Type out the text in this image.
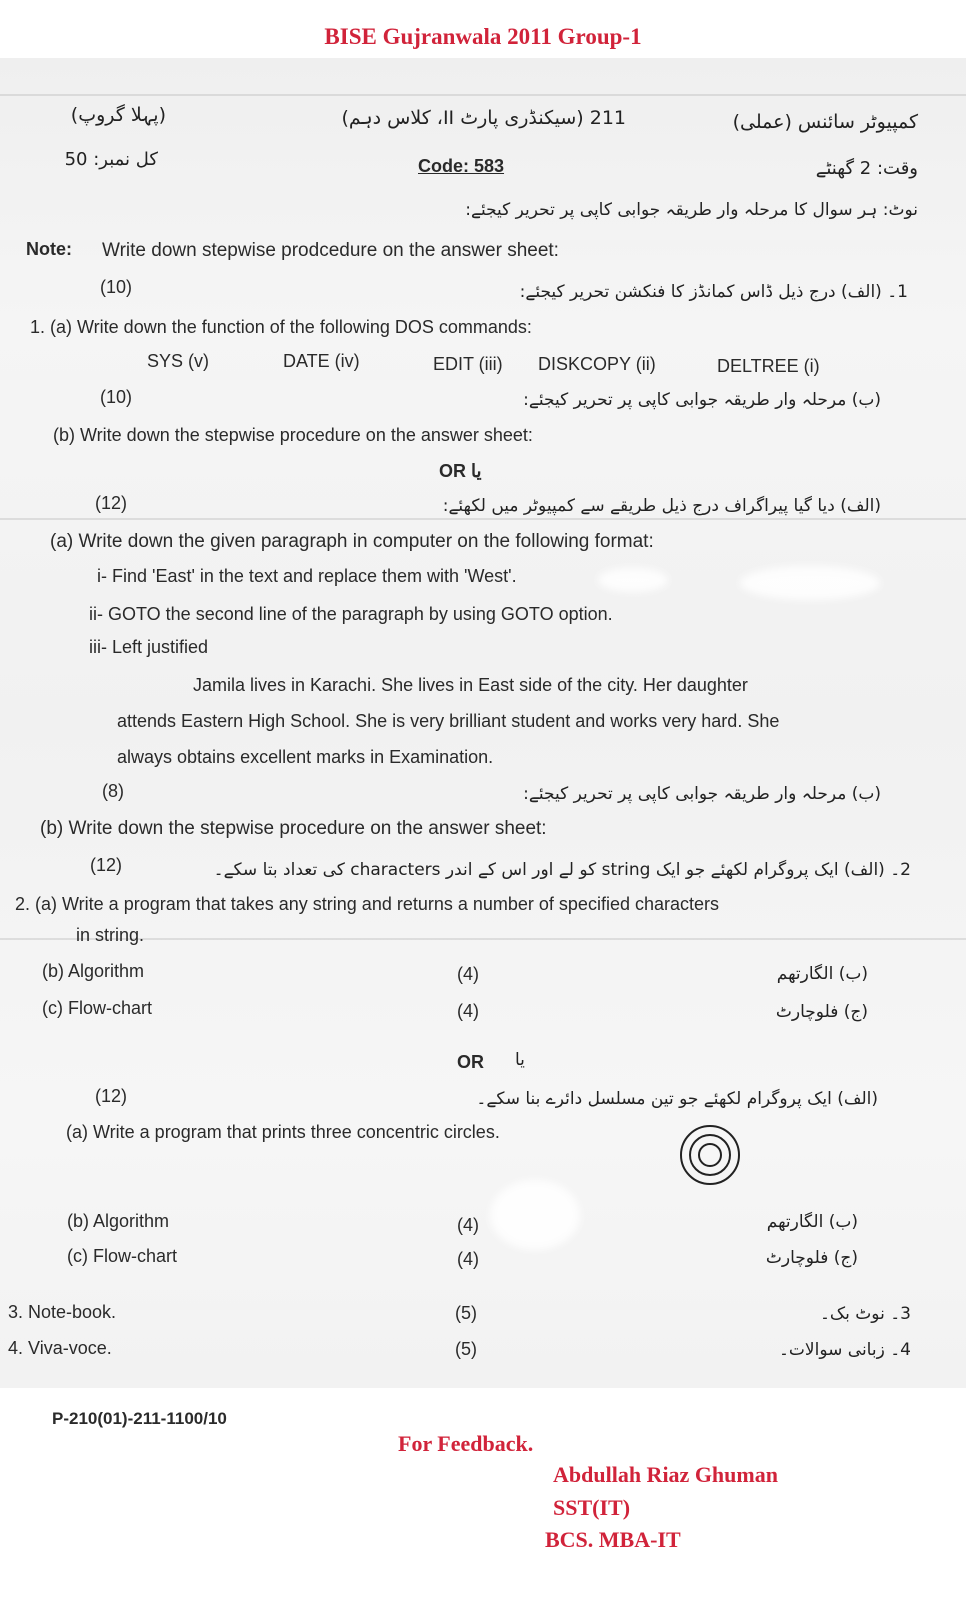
BISE Gujranwala 2011 Group-1
(پہلا گروپ)	211 (سیکنڈری پارٹ II، کلاس دہم)	کمپیوٹر سائنس (عملی)
کل نمبر: 50	Code: 583	وقت: 2 گھنٹے
نوٹ: ہر سوال کا مرحلہ وار طریقہ جوابی کاپی پر تحریر کیجئے:
Note: Write down stepwise prodcedure on the answer sheet:
(10)	1۔ (الف) درج ذیل ڈاس کمانڈز کا فنکشن تحریر کیجئے:
1. (a) Write down the function of the following DOS commands:
SYS (v)	DATE (iv)	EDIT (iii) DISKCOPY (ii)	DELTREE (i)
(10)	(ب) مرحلہ وار طریقہ جوابی کاپی پر تحریر کیجئے:
(b) Write down the stepwise procedure on the answer sheet:
OR یا
(12)	(الف) دیا گیا پیراگراف درج ذیل طریقے سے کمپیوٹر میں لکھئے:
(a) Write down the given paragraph in computer on the following format:
i- Find 'East' in the text and replace them with 'West'.
ii- GOTO the second line of the paragraph by using GOTO option.
iii- Left justified
Jamila lives in Karachi. She lives in East side of the city. Her daughter
attends Eastern High School. She is very brilliant student and works very hard. She
always obtains excellent marks in Examination.
(8)	(ب) مرحلہ وار طریقہ جوابی کاپی پر تحریر کیجئے:
(b) Write down the stepwise procedure on the answer sheet:
(12)	2۔ (الف) ایک پروگرام لکھئے جو ایک string کو لے اور اس کے اندر characters کی تعداد بتا سکے۔
2. (a) Write a program that takes any string and returns a number of specified characters
in string.
(b) Algorithm	(4)	(ب) الگارتھم
(c) Flow-chart	(4)	(ج) فلوچارٹ
OR یا
(12)	(الف) ایک پروگرام لکھئے جو تین مسلسل دائرے بنا سکے۔
(a) Write a program that prints three concentric circles.
(b) Algorithm	(4)	(ب) الگارتھم
(c) Flow-chart	(4)	(ج) فلوچارٹ
3. Note-book.	(5)	3۔ نوٹ بک۔
4. Viva-voce.	(5)	4۔ زبانی سوالات۔
P-210(01)-211-1100/10
For Feedback.
Abdullah Riaz Ghuman
SST(IT)
BCS. MBA-IT
